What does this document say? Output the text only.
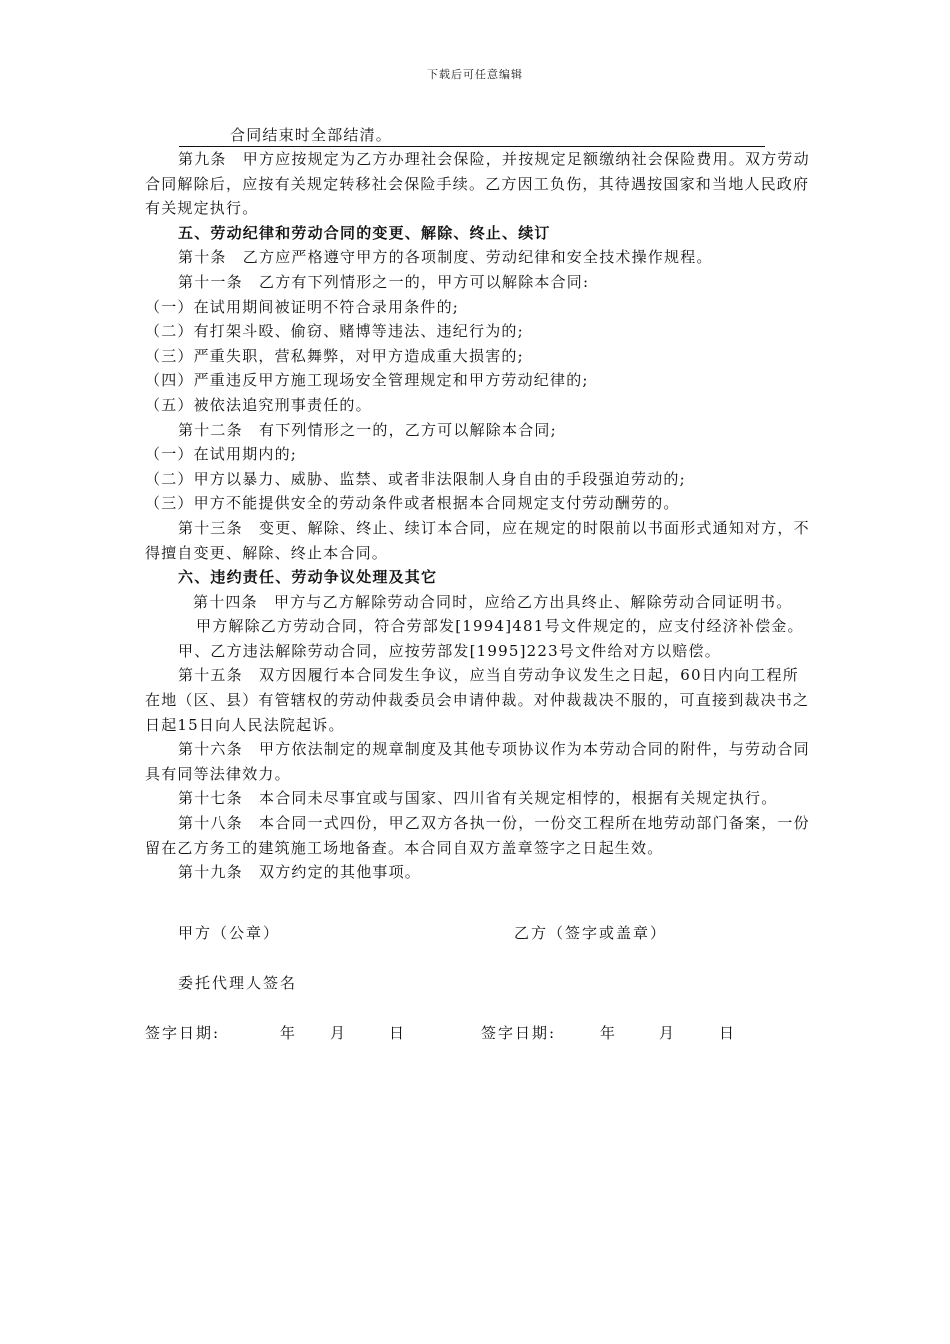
下载后可任意编辑

合同结束时全部结清。

第九条　甲方应按规定为乙方办理社会保险，并按规定足额缴纳社会保险费用。双方劳动合同解除后，应按有关规定转移社会保险手续。乙方因工负伤，其待遇按国家和当地人民政府有关规定执行。

五、劳动纪律和劳动合同的变更、解除、终止、续订

第十条　乙方应严格遵守甲方的各项制度、劳动纪律和安全技术操作规程。

第十一条　乙方有下列情形之一的，甲方可以解除本合同:

（一）在试用期间被证明不符合录用条件的;

（二）有打架斗殴、偷窃、赌博等违法、违纪行为的;

（三）严重失职，营私舞弊，对甲方造成重大损害的;

（四）严重违反甲方施工现场安全管理规定和甲方劳动纪律的;

（五）被依法追究刑事责任的。

第十二条　有下列情形之一的，乙方可以解除本合同;

（一）在试用期内的;

（二）甲方以暴力、威胁、监禁、或者非法限制人身自由的手段强迫劳动的;

（三）甲方不能提供安全的劳动条件或者根据本合同规定支付劳动酬劳的。

第十三条　变更、解除、终止、续订本合同，应在规定的时限前以书面形式通知对方，不得擅自变更、解除、终止本合同。

六、违约责任、劳动争议处理及其它

第十四条　甲方与乙方解除劳动合同时，应给乙方出具终止、解除劳动合同证明书。

甲方解除乙方劳动合同，符合劳部发[1994]481号文件规定的，应支付经济补偿金。

甲、乙方违法解除劳动合同，应按劳部发[1995]223号文件给对方以赔偿。

第十五条　双方因履行本合同发生争议，应当自劳动争议发生之日起，60日内向工程所在地（区、县）有管辖权的劳动仲裁委员会申请仲裁。对仲裁裁决不服的，可直接到裁决书之日起15日向人民法院起诉。

第十六条　甲方依法制定的规章制度及其他专项协议作为本劳动合同的附件，与劳动合同具有同等法律效力。

第十七条　本合同未尽事宜或与国家、四川省有关规定相悖的，根据有关规定执行。

第十八条　本合同一式四份，甲乙双方各执一份，一份交工程所在地劳动部门备案，一份留在乙方务工的建筑施工场地备查。本合同自双方盖章签字之日起生效。

第十九条　双方约定的其他事项。

甲方（公章）	乙方（签字或盖章）
委托代理人签名
签字日期:	年 月	日	签字日期:	年	月	日
